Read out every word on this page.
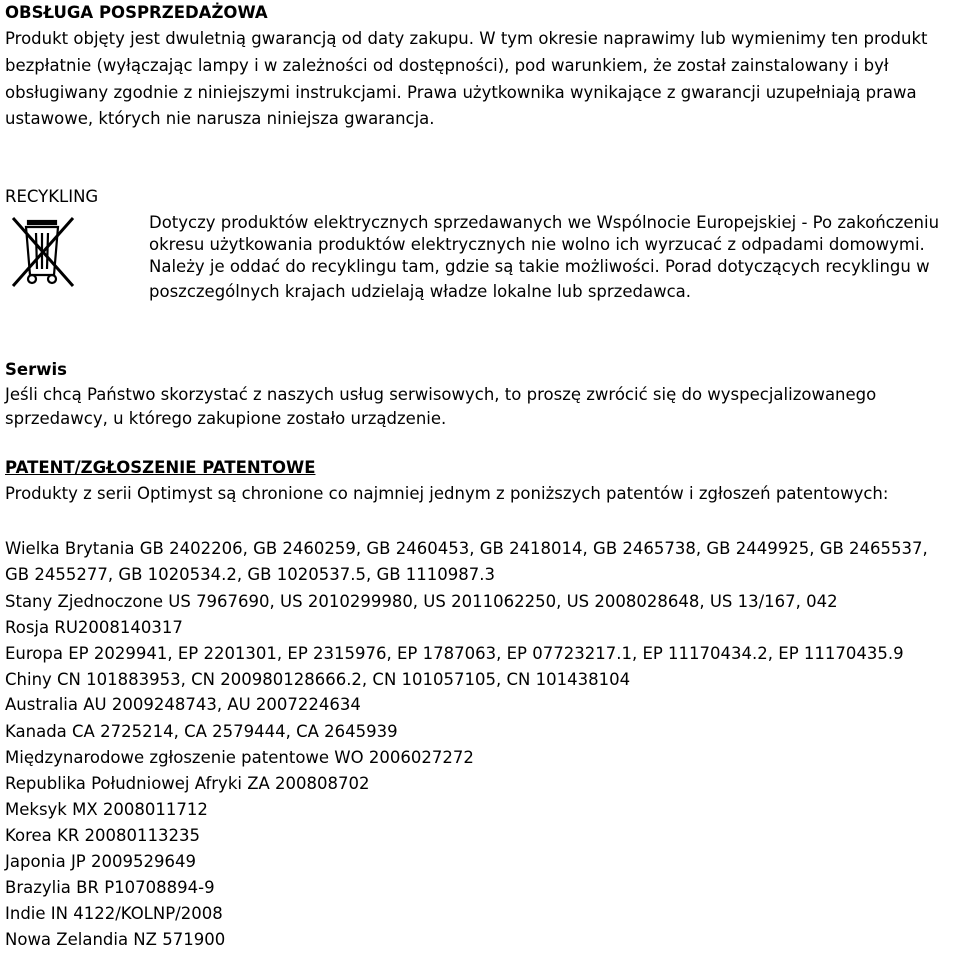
OBSŁUGA POSPRZEDAŻOWA
Produkt objęty jest dwuletnią gwarancją od daty zakupu. W tym okresie naprawimy lub wymienimy ten produkt
bezpłatnie (wyłączając lampy i w zależności od dostępności), pod warunkiem, że został zainstalowany i był
obsługiwany zgodnie z niniejszymi instrukcjami. Prawa użytkownika wynikające z gwarancji uzupełniają prawa
ustawowe, których nie narusza niniejsza gwarancja.
RECYKLING
Dotyczy produktów elektrycznych sprzedawanych we Wspólnocie Europejskiej - Po zakończeniu
okresu użytkowania produktów elektrycznych nie wolno ich wyrzucać z odpadami domowymi.
Należy je oddać do recyklingu tam, gdzie są takie możliwości. Porad dotyczących recyklingu w
poszczególnych krajach udzielają władze lokalne lub sprzedawca.
Serwis
Jeśli chcą Państwo skorzystać z naszych usług serwisowych, to proszę zwrócić się do wyspecjalizowanego
sprzedawcy, u którego zakupione zostało urządzenie.
PATENT/ZGŁOSZENIE PATENTOWE
Produkty z serii Optimyst są chronione co najmniej jednym z poniższych patentów i zgłoszeń patentowych:
Wielka Brytania GB 2402206, GB 2460259, GB 2460453, GB 2418014, GB 2465738, GB 2449925, GB 2465537,
GB 2455277, GB 1020534.2, GB 1020537.5, GB 1110987.3
Stany Zjednoczone US 7967690, US 2010299980, US 2011062250, US 2008028648, US 13/167, 042
Rosja RU2008140317
Europa EP 2029941, EP 2201301, EP 2315976, EP 1787063, EP 07723217.1, EP 11170434.2, EP 11170435.9
Chiny CN 101883953, CN 200980128666.2, CN 101057105, CN 101438104
Australia AU 2009248743, AU 2007224634
Kanada CA 2725214, CA 2579444, CA 2645939
Międzynarodowe zgłoszenie patentowe WO 2006027272
Republika Południowej Afryki ZA 200808702
Meksyk MX 2008011712
Korea KR 20080113235
Japonia JP 2009529649
Brazylia BR P10708894-9
Indie IN 4122/KOLNP/2008
Nowa Zelandia NZ 571900
